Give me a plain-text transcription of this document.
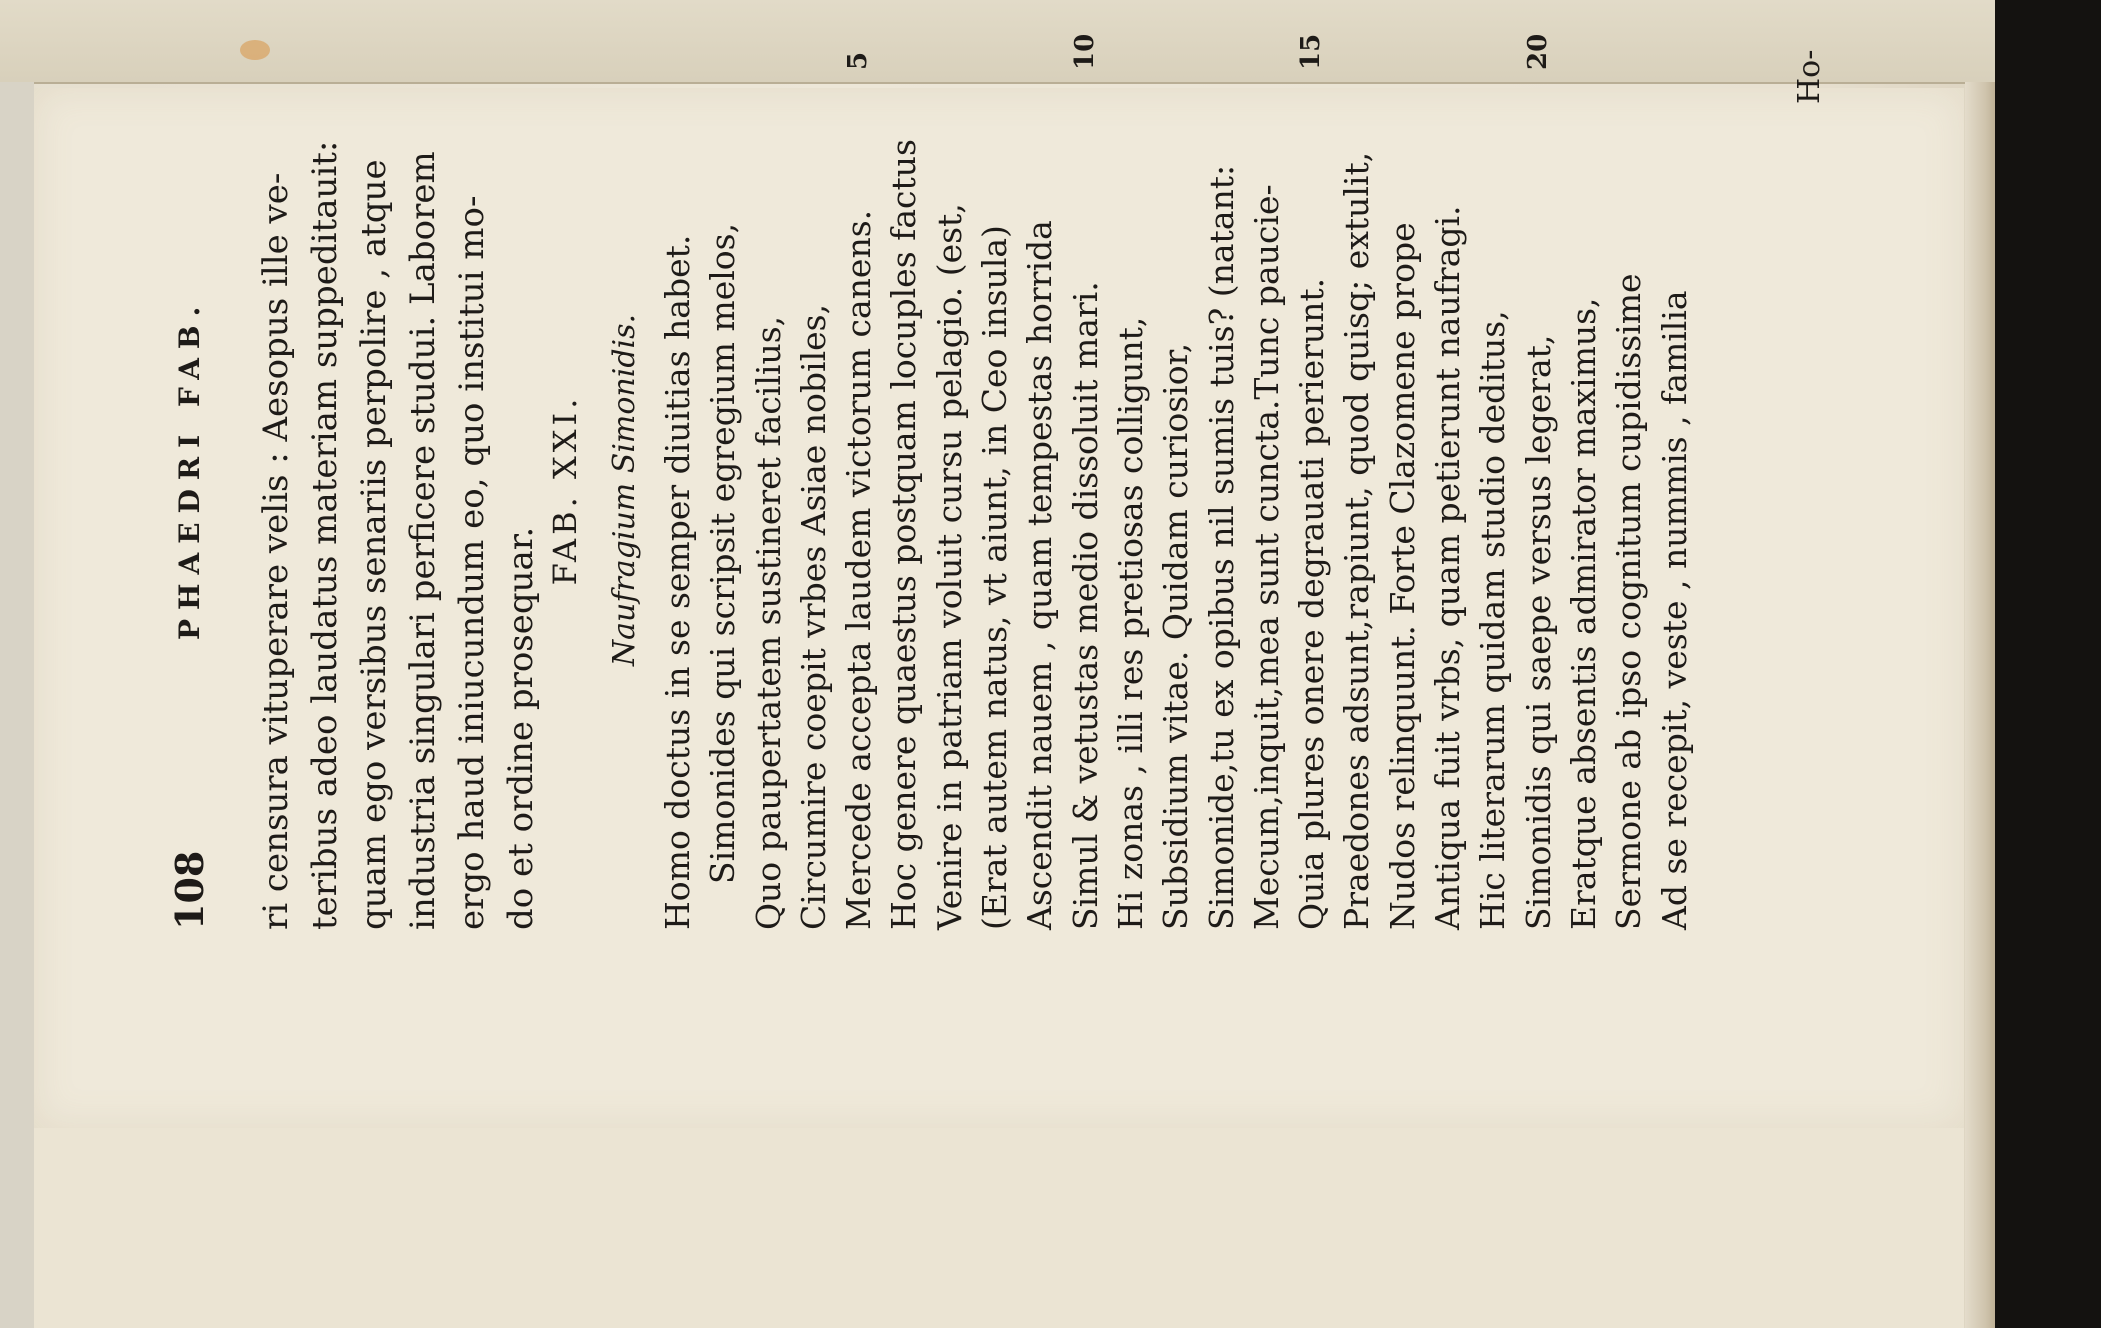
108
PHAEDRI FAB.	ri censura vituperare velis : Aesopus ille ve- teribus adeo laudatus materiam suppeditauit: quam ego versibus senariis perpolire , atque industria singulari perficere studui. Laborem ergo haud iniucundum eo, quo institui mo- do et ordine prosequar.
FAB. XXI. Naufragium Simonidis. Homo doctus in se semper diuitias habet. Simonides qui scripsit egregium melos, Quo paupertatem sustineret facilius, Circumire coepit vrbes Asiae nobiles, Mercede accepta laudem victorum canens.
5
Hoc genere quaestus postquam locuples factus Venire in patriam voluit cursu pelagio. (est, (Erat autem natus, vt aiunt, in Ceo insula) Ascendit nauem , quam tempestas horrida Simul & vetustas medio dissoluit mari.
10
Hi zonas , illi res pretiosas colligunt, Subsidium vitae. Quidam curiosior, Simonide,tu ex opibus nil sumis tuis? (natant: Mecum,inquit,mea sunt cuncta.Tunc paucie- Quia plures onere degrauati perierunt.
15
Praedones adsunt,rapiunt, quod quisq; extulit, Nudos relinquunt. Forte Clazomene prope Antiqua fuit vrbs, quam petierunt naufragi. Hic literarum quidam studio deditus, Simonidis qui saepe versus legerat,
20
Eratque absentis admirator maximus, Sermone ab ipso cognitum cupidissime Ad se recepit, veste , nummis , familia
Ho-
